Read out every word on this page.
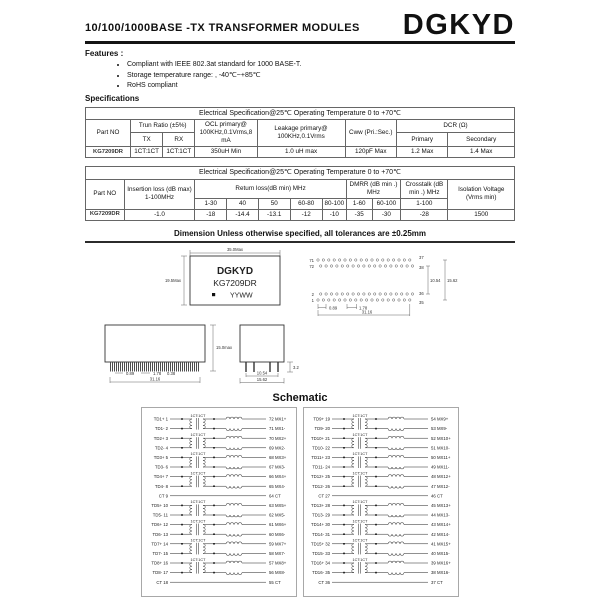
10/100/1000BASE -TX TRANSFORMER MODULES DGKYD
Features :
• Compliant with IEEE 802.3at standard for 1000 BASE-T.
• Storage temperature range: , -40℃~+85℃
• RoHS compliant
Specifications
Electrical Specification@25℃ Operating Temperature 0 to +70℃							
Part NO	Trun Ratio (±5%)		OCL primary@ 100KHz,0.1Vrms,8 mA	Leakage primary@ 100KHz,0.1Vrms	Cww (Pri.:Sec.)	DCR (Ω)	
	TX	RX				Primary	Secondary
KG7209DR	1CT:1CT	1CT:1CT	350uH Min	1.0 uH max	120pF Max	1.2 Max	1.4 Max
Electrical Specification@25℃ Operating Temperature 0 to +70℃										
Part NO	Insertion loss (dB max) 1-100MHz	Return loss(dB min) MHz					DMRR (dB min .) MHz		Crosstalk (dB min .) MHz	Isolation Voltage (Vrms min)
		1-30	40	50	60-80	80-100	1-60	60-100	1-100	
KG7209DR	-1.0	-18	-14.4	-13.1	-12	-10	-35	-30	-28	1500
Dimension Unless otherwise specified, all tolerances are ±0.25mm
35.0Max
19.5Max
DGKYD
KG7209DR
YYWW
71
72
2
1
37
38
36
35
10.54 15.62
0.89	1.78
31.16

15.0max
0.89	1.78 0.38
31.16
10.54
15.62
3.2
Schematic
TD1+ 1
TD1- 2
72 MX1+
71 MX1-
1CT:1CT
TD2+ 3
TD2- 4
70 MX2+
69 MX2-
1CT:1CT
TD3+ 5
TD3- 6
68 MX3+
67 MX3-
1CT:1CT
TD4+ 7
TD4- 8
66 MX4+
65 MX4-
1CT:1CT
CT 9	64 CT
TD5+ 10
TD5- 11
63 MX5+
62 MX5-
1CT:1CT
TD6+ 12
TD6- 13
61 MX6+
60 MX6-
1CT:1CT
TD7+ 14
TD7- 15
59 MX7+
58 MX7-
1CT:1CT
TD8+ 16
TD8- 17
57 MX8+
56 MX8-
1CT:1CT
CT 18	55 CT
TD9+ 19
TD9- 20
54 MX9+
53 MX9-
1CT:1CT
TD10+ 21
TD10- 22
52 MX10+
51 MX10-
1CT:1CT
TD11+ 23
TD11- 24
50 MX11+
49 MX11-
1CT:1CT
TD12+ 25
TD12- 26
48 MX12+
47 MX12-
1CT:1CT
CT 27	46 CT
TD13+ 28
TD13- 29
45 MX13+
44 MX13-
1CT:1CT
TD14+ 30
TD14- 31
43 MX14+
42 MX14-
1CT:1CT
TD15+ 32
TD15- 33
41 MX15+
40 MX15-
1CT:1CT
TD16+ 34
TD16- 35
39 MX16+
38 MX16-
1CT:1CT
CT 36	37 CT
